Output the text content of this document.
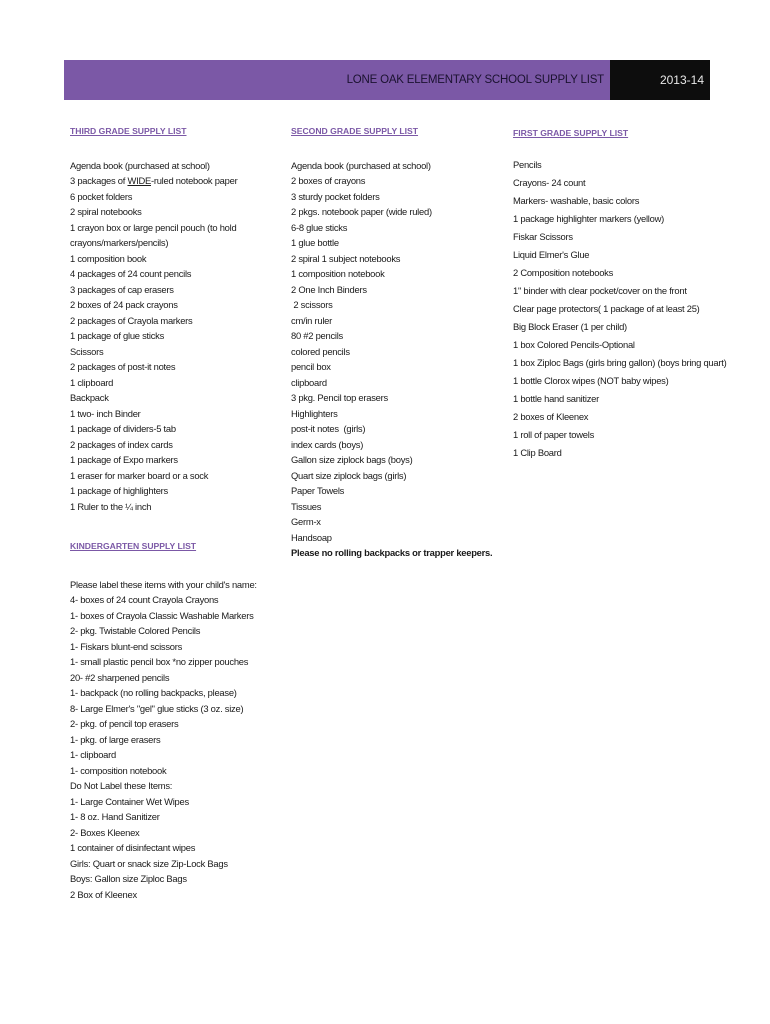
LONE OAK ELEMENTARY SCHOOL SUPPLY LIST	2013-14
THIRD GRADE SUPPLY LIST
Agenda book (purchased at school)
3 packages of WIDE-ruled notebook paper
6 pocket folders
2 spiral notebooks
1 crayon box or large pencil pouch (to hold
crayons/markers/pencils)
1 composition book
4 packages of 24 count pencils
3 packages of cap erasers
2 boxes of 24 pack crayons
2 packages of Crayola markers
1 package of glue sticks
Scissors
2 packages of post-it notes
1 clipboard
Backpack
1 two- inch Binder
1 package of dividers-5 tab
2 packages of index cards
1 package of Expo markers
1 eraser for marker board or a sock
1 package of highlighters
1 Ruler to the ¼ inch
SECOND GRADE SUPPLY LIST
Agenda book (purchased at school)
2 boxes of crayons
3 sturdy pocket folders
2 pkgs. notebook paper (wide ruled)
6-8 glue sticks
1 glue bottle
2 spiral 1 subject notebooks
1 composition notebook
2 One Inch Binders
2 scissors
cm/in ruler
80 #2 pencils
colored pencils
pencil box
clipboard
3 pkg. Pencil top erasers
Highlighters
post-it notes  (girls)
index cards (boys)
Gallon size ziplock bags (boys)
Quart size ziplock bags (girls)
Paper Towels
Tissues
Germ-x
Handsoap
Please no rolling backpacks or trapper keepers.
FIRST GRADE SUPPLY LIST
Pencils
Crayons- 24 count
Markers- washable, basic colors
1 package highlighter markers (yellow)
Fiskar Scissors
Liquid Elmer's Glue
2 Composition notebooks
1" binder with clear pocket/cover on the front
Clear page protectors( 1 package of at least 25)
Big Block Eraser (1 per child)
1 box Colored Pencils-Optional
1 box Ziploc Bags (girls bring gallon) (boys bring quart)
1 bottle Clorox wipes (NOT baby wipes)
1 bottle hand sanitizer
2 boxes of Kleenex
1 roll of paper towels
1 Clip Board
KINDERGARTEN SUPPLY LIST
Please label these items with your child's name:
4- boxes of 24 count Crayola Crayons
1- boxes of Crayola Classic Washable Markers
2- pkg. Twistable Colored Pencils
1- Fiskars blunt-end scissors
1- small plastic pencil box *no zipper pouches
20- #2 sharpened pencils
1- backpack (no rolling backpacks, please)
8- Large Elmer's "gel" glue sticks (3 oz. size)
2- pkg. of pencil top erasers
1- pkg. of large erasers
1- clipboard
1- composition notebook
Do Not Label these Items:
1- Large Container Wet Wipes
1- 8 oz. Hand Sanitizer
2- Boxes Kleenex
1 container of disinfectant wipes
Girls: Quart or snack size Zip-Lock Bags
Boys: Gallon size Ziploc Bags
2 Box of Kleenex
